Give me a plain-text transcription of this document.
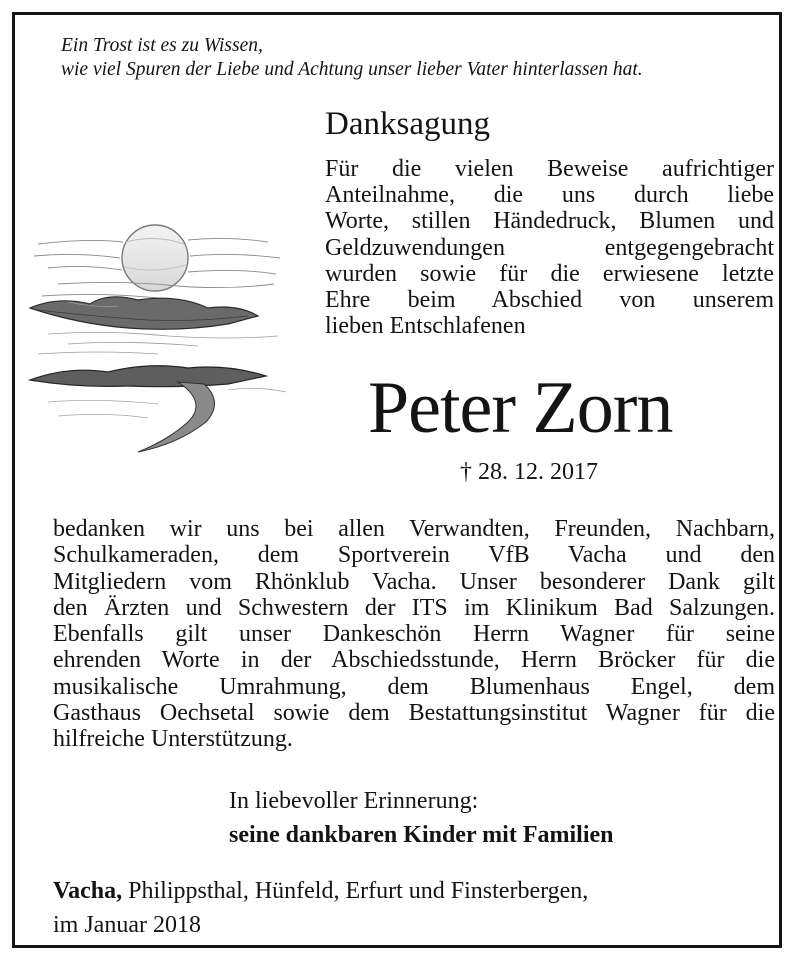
Ein Trost ist es zu Wissen,
wie viel Spuren der Liebe und Achtung unser lieber Vater hinterlassen hat.
Danksagung
Für die vielen Beweise aufrichtiger
Anteilnahme, die uns durch liebe
Worte, stillen Händedruck, Blumen und
Geldzuwendungen entgegengebracht
wurden sowie für die erwiesene letzte
Ehre beim Abschied von unserem
lieben Entschlafenen
Peter Zorn
† 28. 12. 2017
bedanken wir uns bei allen Verwandten, Freunden, Nachbarn,
Schulkameraden, dem Sportverein VfB Vacha und den
Mitgliedern vom Rhönklub Vacha. Unser besonderer Dank gilt
den Ärzten und Schwestern der ITS im Klinikum Bad Salzungen.
Ebenfalls gilt unser Dankeschön Herrn Wagner für seine
ehrenden Worte in der Abschiedsstunde, Herrn Bröcker für die
musikalische Umrahmung, dem Blumenhaus Engel, dem
Gasthaus Oechsetal sowie dem Bestattungsinstitut Wagner für die
hilfreiche Unterstützung.
In liebevoller Erinnerung:
seine dankbaren Kinder mit Familien
Vacha, Philippsthal, Hünfeld, Erfurt und Finsterbergen,
im Januar 2018
